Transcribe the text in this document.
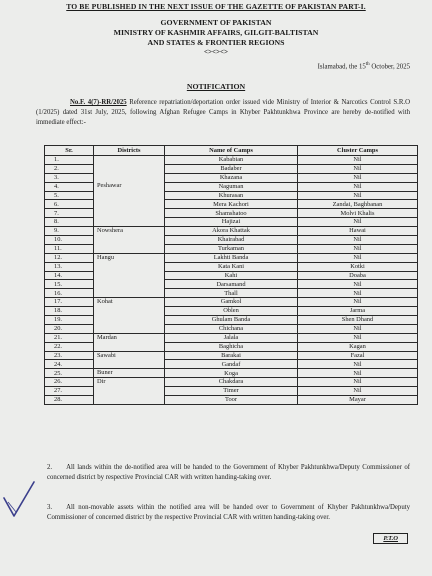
TO BE PUBLISHED IN THE NEXT ISSUE OF THE GAZETTE OF PAKISTAN PART-I.
GOVERNMENT OF PAKISTAN
MINISTRY OF KASHMIR AFFAIRS, GILGIT-BALTISTAN
AND STATES & FRONTIER REGIONS
<><><>
Islamabad, the 15th October, 2025
NOTIFICATION
No.F. 4(7)-RR/2025 Reference repatriation/deportation order issued vide Ministry of Interior & Narcotics Control S.R.O (1/2025) dated 31st July, 2025, following Afghan Refugee Camps in Khyber Pakhtunkhwa Province are hereby de-notified with immediate effect:-
Sr.	Districts	Name of Camps	Cluster Camps
1.		Kababian	Nil
2.		Badaber	Nil
3.		Khazana	Nil
4.	Peshawar	Naguman	Nil
5.		Khurasan	Nil
6.		Mera Kachori	Zandai, Baghbanan
7.		Shamshatoo	Molvi Khalis
8.		Hajizai	Nil
9.	Nowshera	Akora Khattak	Hawai
10.		Khairabad	Nil
11.		Turkaman	Nil
12.	Hangu	Lakhti Banda	Nil
13.		Kata Kani	Kotki
14.		Kahi	Doaba
15.		Darsamand	Nil
16.		Thall	Nil
17.	Kohat	Gamkol	Nil
18.		Oblen	Jarma
19.		Ghulam Banda	Shen Dhand
20.		Chichana	Nil
21.	Mardan	Jalala	Nil
22.		Baghicha	Kagan
23.	Sawabi	Barakai	Fazal
24.		Gandaf	Nil
25.	Buner	Koga	Nil
26.	Dir	Chakdara	Nil
27.		Timer	Nil
28.		Toor	Mayar
2. All lands within the de-notified area will be handed to the Government of Khyber Pakhtunkhwa/Deputy Commissioner of concerned district by respective Provincial CAR with written handing-taking over.
3. All non-movable assets within the notified area will be handed over to Government of Khyber Pakhtunkhwa/Deputy Commissioner of concerned district by the respective Provincial CAR with written handing-taking over.
P.T.O
